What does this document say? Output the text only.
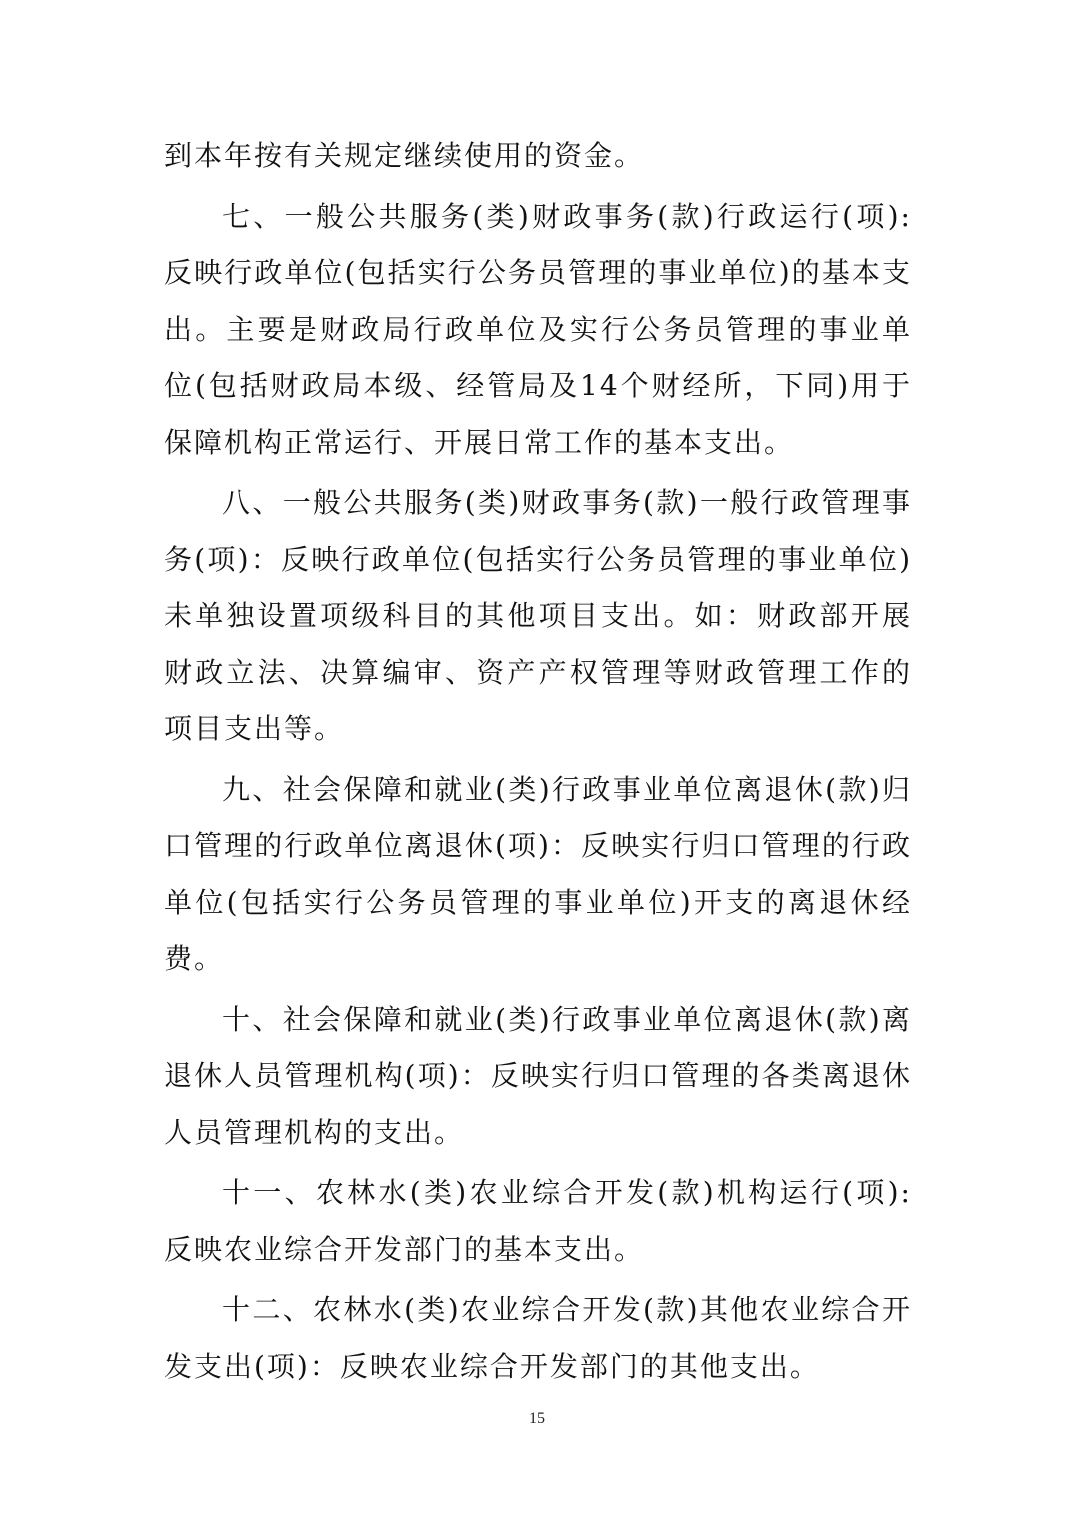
到本年按有关规定继续使用的资金。

七、一般公共服务(类)财政事务(款)行政运行(项): 反映行政单位(包括实行公务员管理的事业单位)的基本支出。主要是财政局行政单位及实行公务员管理的事业单位(包括财政局本级、经管局及14个财经所，下同)用于保障机构正常运行、开展日常工作的基本支出。

八、一般公共服务(类)财政事务(款)一般行政管理事务(项)：反映行政单位(包括实行公务员管理的事业单位)未单独设置项级科目的其他项目支出。如：财政部开展财政立法、决算编审、资产产权管理等财政管理工作的项目支出等。

九、社会保障和就业(类)行政事业单位离退休(款)归口管理的行政单位离退休(项)：反映实行归口管理的行政单位(包括实行公务员管理的事业单位)开支的离退休经费。

十、社会保障和就业(类)行政事业单位离退休(款)离退休人员管理机构(项)：反映实行归口管理的各类离退休人员管理机构的支出。

十一、农林水(类)农业综合开发(款)机构运行(项): 反映农业综合开发部门的基本支出。

十二、农林水(类)农业综合开发(款)其他农业综合开发支出(项)：反映农业综合开发部门的其他支出。

15
